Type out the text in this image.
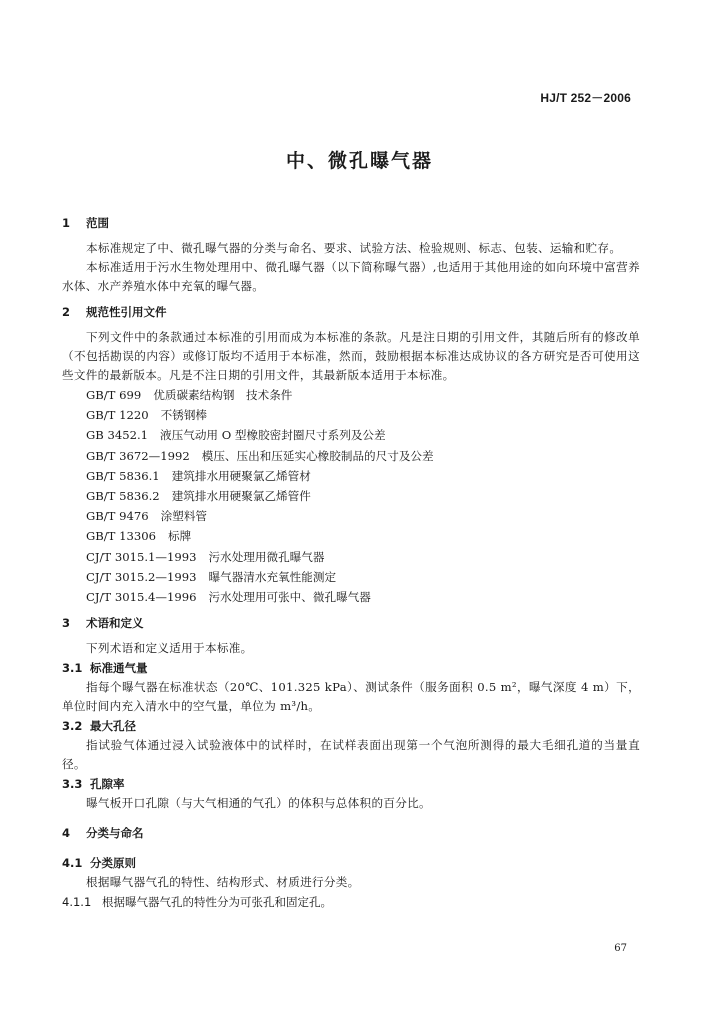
HJ/T 252－2006
中、微孔曝气器
1 范围

本标准规定了中、微孔曝气器的分类与命名、要求、试验方法、检验规则、标志、包装、运输和贮存。

本标准适用于污水生物处理用中、微孔曝气器（以下简称曝气器）,也适用于其他用途的如向环境中富营养水体、水产养殖水体中充氧的曝气器。

2 规范性引用文件

下列文件中的条款通过本标准的引用而成为本标准的条款。凡是注日期的引用文件，其随后所有的修改单（不包括勘误的内容）或修订版均不适用于本标准，然而，鼓励根据本标准达成协议的各方研究是否可使用这些文件的最新版本。凡是不注日期的引用文件，其最新版本适用于本标准。

GB/T 699 优质碳素结构钢　技术条件
GB/T 1220 不锈钢棒
GB 3452.1 液压气动用 O 型橡胶密封圈尺寸系列及公差
GB/T 3672—1992 模压、压出和压延实心橡胶制品的尺寸及公差
GB/T 5836.1 建筑排水用硬聚氯乙烯管材
GB/T 5836.2 建筑排水用硬聚氯乙烯管件
GB/T 9476 涂塑料管
GB/T 13306 标牌
CJ/T 3015.1—1993 污水处理用微孔曝气器
CJ/T 3015.2—1993 曝气器清水充氧性能测定
CJ/T 3015.4—1996 污水处理用可张中、微孔曝气器
3 术语和定义

下列术语和定义适用于本标准。

3.1 标准通气量

指每个曝气器在标准状态（20℃、101.325 kPa）、测试条件（服务面积 0.5 m²，曝气深度 4 m）下，单位时间内充入清水中的空气量，单位为 m³/h。

3.2 最大孔径

指试验气体通过浸入试验液体中的试样时，在试样表面出现第一个气泡所测得的最大毛细孔道的当量直径。

3.3 孔隙率

曝气板开口孔隙（与大气相通的气孔）的体积与总体积的百分比。

4 分类与命名
4.1 分类原则

根据曝气器气孔的特性、结构形式、材质进行分类。

4.1.1 根据曝气器气孔的特性分为可张孔和固定孔。
67
